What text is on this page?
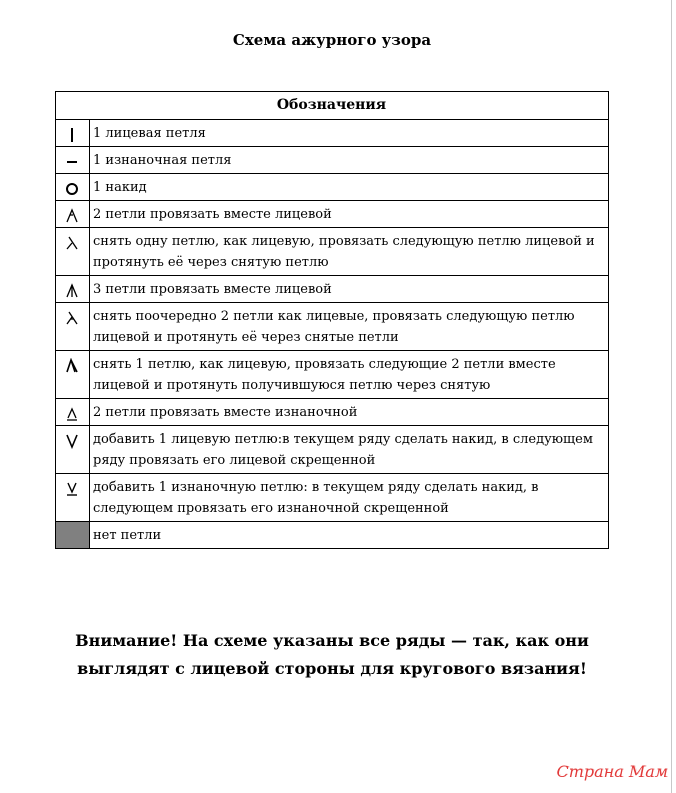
Схема ажурного узора
Обозначения	

	1 лицевая петля

	1 изнаночная петля

	1 накид

	2 петли провязать вместе лицевой

	снять одну петлю, как лицевую, провязать следующую петлю лицевой и протянуть её через снятую петлю

	3 петли провязать вместе лицевой

	снять поочередно 2 петли как лицевые, провязать следующую петлю лицевой и протянуть её через снятые петли

	снять 1 петлю, как лицевую, провязать следующие 2 петли вместе лицевой и протянуть получившуюся петлю через снятую

	2 петли провязать вместе изнаночной

	добавить 1 лицевую петлю:в текущем ряду сделать накид, в следующем ряду провязать его лицевой скрещенной

	добавить 1 изнаночную петлю: в текущем ряду сделать накид, в следующем провязать его изнаночной скрещенной
	нет петли
Внимание! На схеме указаны все ряды — так, как они выглядят с лицевой стороны для кругового вязания!
Страна Мам
